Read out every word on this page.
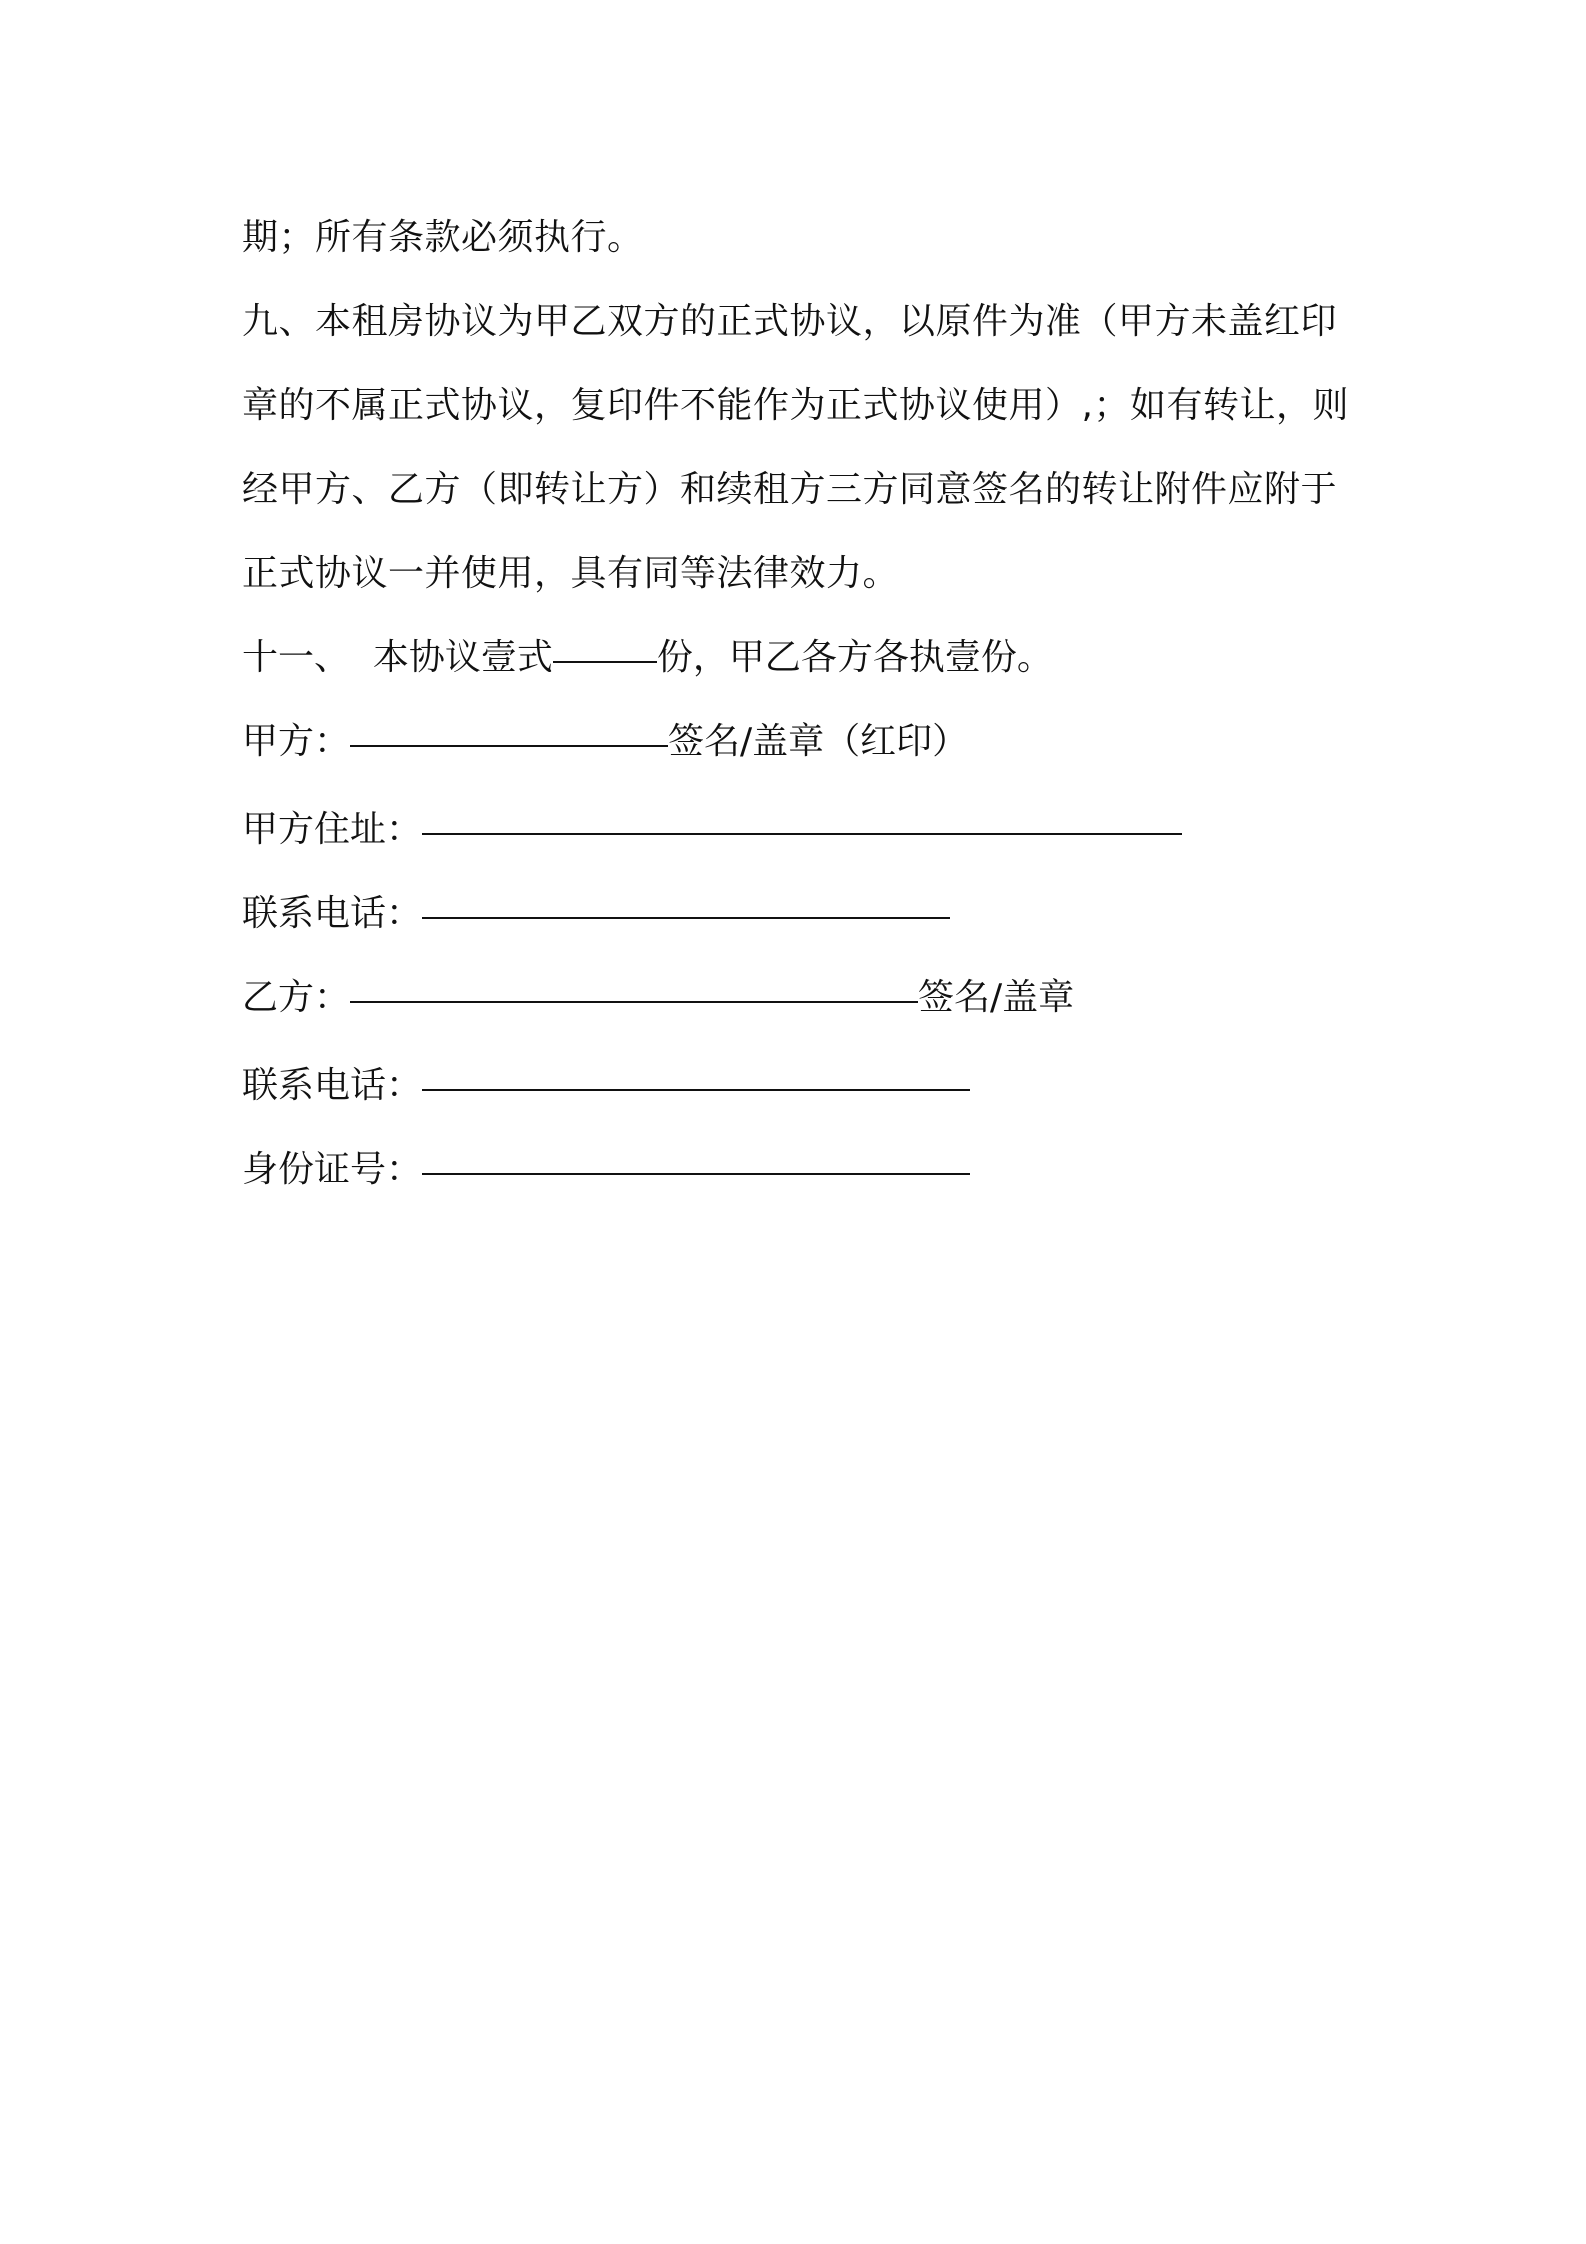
期；所有条款必须执行。
九、本租房协议为甲乙双方的正式协议，以原件为准（甲方未盖红印
章的不属正式协议，复印件不能作为正式协议使用）,；如有转让，则
经甲方、乙方（即转让方）和续租方三方同意签名的转让附件应附于
正式协议一并使用，具有同等法律效力。
十一、  本协议壹式	份，甲乙各方各执壹份。
甲方：	签名/盖章（红印）
甲方住址：
联系电话：
乙方：	签名/盖章
联系电话：
身份证号：
